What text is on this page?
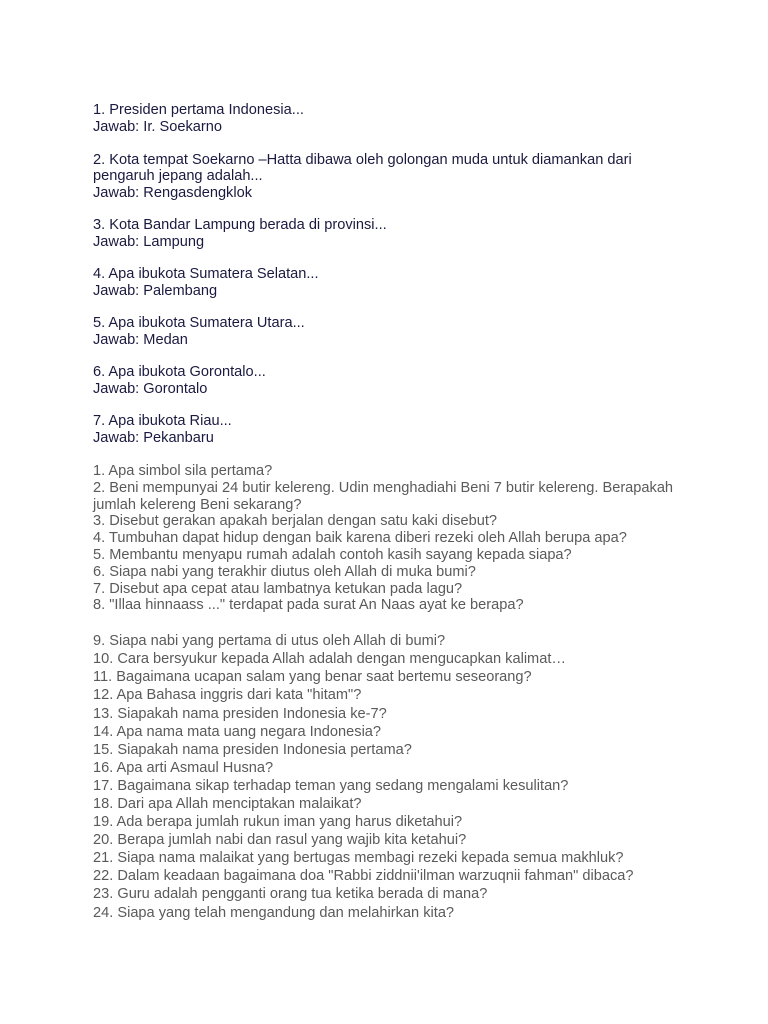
1. Presiden pertama Indonesia...

Jawab: Ir. Soekarno

2. Kota tempat Soekarno –Hatta dibawa oleh golongan muda untuk diamankan dari pengaruh jepang adalah...

Jawab: Rengasdengklok

3. Kota Bandar Lampung berada di provinsi...

Jawab: Lampung

4. Apa ibukota Sumatera Selatan...

Jawab: Palembang

5. Apa ibukota Sumatera Utara...

Jawab: Medan

6. Apa ibukota Gorontalo...

Jawab: Gorontalo

7. Apa ibukota Riau...

Jawab: Pekanbaru

1. Apa simbol sila pertama?

2. Beni mempunyai 24 butir kelereng. Udin menghadiahi Beni 7 butir kelereng. Berapakah jumlah kelereng Beni sekarang?

3. Disebut gerakan apakah berjalan dengan satu kaki disebut?

4. Tumbuhan dapat hidup dengan baik karena diberi rezeki oleh Allah berupa apa?

5. Membantu menyapu rumah adalah contoh kasih sayang kepada siapa?

6. Siapa nabi yang terakhir diutus oleh Allah di muka bumi?

7. Disebut apa cepat atau lambatnya ketukan pada lagu?

8. "Illaa hinnaass ..." terdapat pada surat An Naas ayat ke berapa?

9. Siapa nabi yang pertama di utus oleh Allah di bumi?

10. Cara bersyukur kepada Allah adalah dengan mengucapkan kalimat…

11. Bagaimana ucapan salam yang benar saat bertemu seseorang?

12. Apa Bahasa inggris dari kata "hitam"?

13. Siapakah nama presiden Indonesia ke-7?

14. Apa nama mata uang negara Indonesia?

15. Siapakah nama presiden Indonesia pertama?

16. Apa arti Asmaul Husna?

17. Bagaimana sikap terhadap teman yang sedang mengalami kesulitan?

18. Dari apa Allah menciptakan malaikat?

19. Ada berapa jumlah rukun iman yang harus diketahui?

20. Berapa jumlah nabi dan rasul yang wajib kita ketahui?

21. Siapa nama malaikat yang bertugas membagi rezeki kepada semua makhluk?

22. Dalam keadaan bagaimana doa "Rabbi ziddnii'ilman warzuqnii fahman" dibaca?

23. Guru adalah pengganti orang tua ketika berada di mana?

24. Siapa yang telah mengandung dan melahirkan kita?
